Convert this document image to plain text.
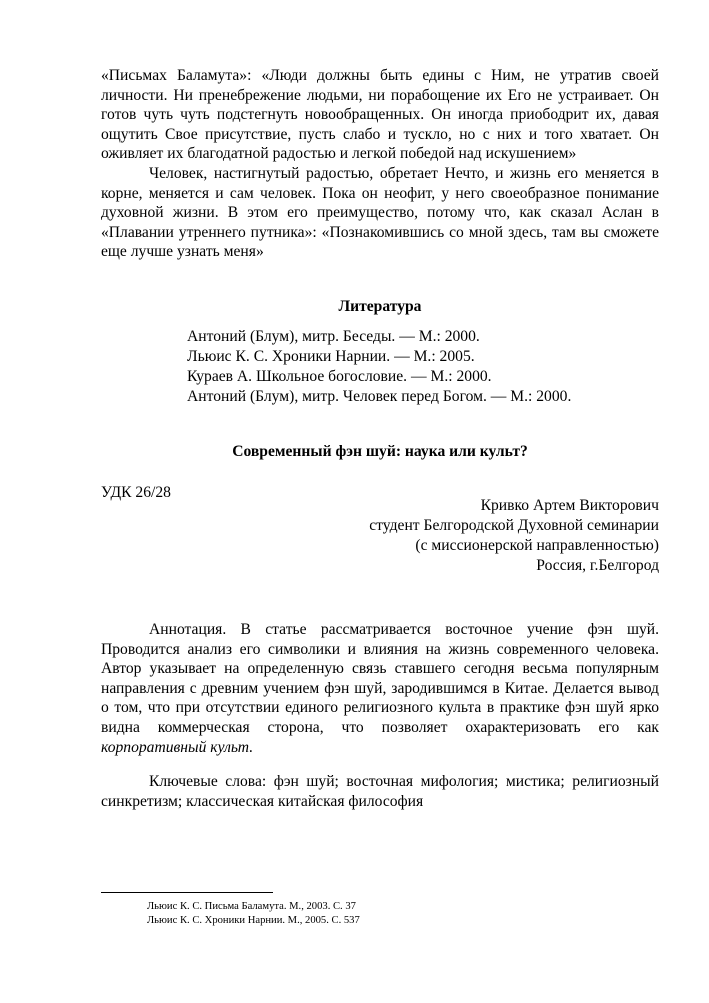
«Письмах Баламута»: «Люди должны быть едины с Ним, не утратив своей личности. Ни пренебрежение людьми, ни порабощение их Его не устраивает. Он готов чуть чуть подстегнуть новообращенных. Он иногда приободрит их, давая ощутить Свое присутствие, пусть слабо и тускло, но с них и того хватает. Он оживляет их благодатной радостью и легкой победой над искушением»

Человек, настигнутый радостью, обретает Нечто, и жизнь его меняется в корне, меняется и сам человек. Пока он неофит, у него своеобразное понимание духовной жизни. В этом его преимущество, потому что, как сказал Аслан в «Плавании утреннего путника»: «Познакомившись со мной здесь, там вы сможете еще лучше узнать меня»

Литература
Антоний (Блум), митр. Беседы. — М.: 2000.
Льюис К. С. Хроники Нарнии. — М.: 2005.
Кураев А. Школьное богословие. — М.: 2000.
Антоний (Блум), митр. Человек перед Богом. — М.: 2000.
Современный фэн шуй: наука или культ?
УДК 26/28
Кривко Артем Викторович
студент Белгородской Духовной семинарии
(с миссионерской направленностью)
Россия, г.Белгород

Аннотация. В статье рассматривается восточное учение фэн шуй. Проводится анализ его символики и влияния на жизнь современного человека. Автор указывает на определенную связь ставшего сегодня весьма популярным направления с древним учением фэн шуй, зародившимся в Китае. Делается вывод о том, что при отсутствии единого религиозного культа в практике фэн шуй ярко видна коммерческая сторона, что позволяет охарактеризовать его как корпоративный культ.

Ключевые слова: фэн шуй; восточная мифология; мистика; религиозный синкретизм; классическая китайская философия

Льюис К. С. Письма Баламута. М., 2003. С. 37
Льюис К. С. Хроники Нарнии. М., 2005. С. 537
